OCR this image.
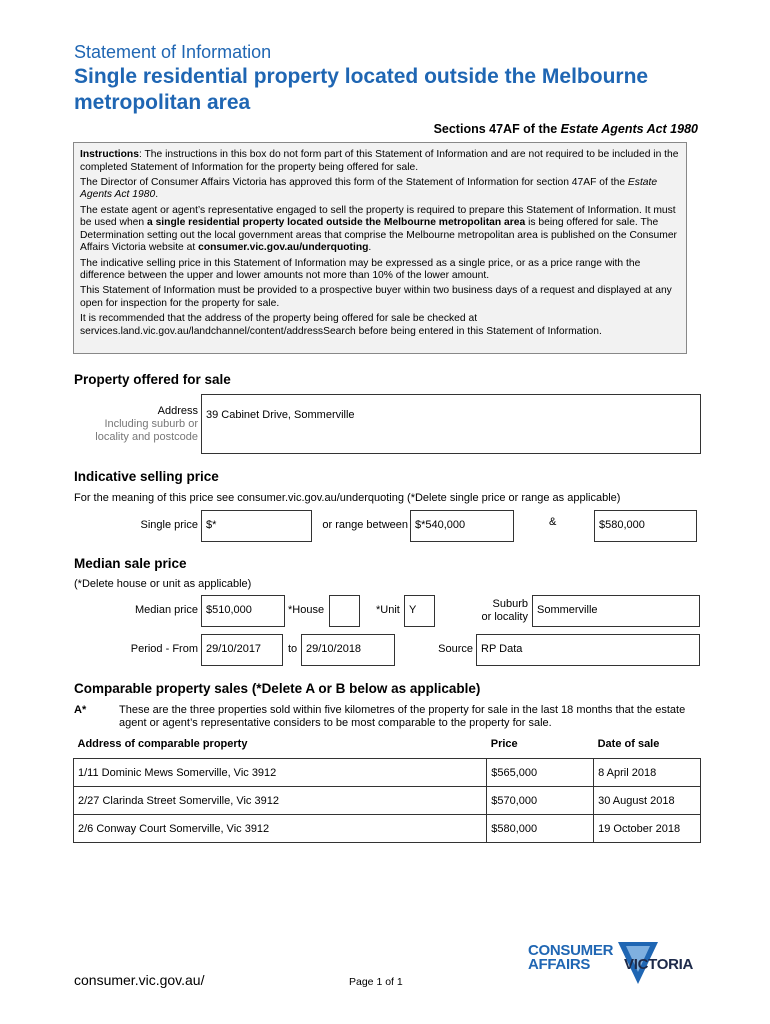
Statement of Information
Single residential property located outside the Melbourne metropolitan area
Sections 47AF of the Estate Agents Act 1980

Instructions: The instructions in this box do not form part of this Statement of Information and are not required to be included in the completed Statement of Information for the property being offered for sale.

The Director of Consumer Affairs Victoria has approved this form of the Statement of Information for section 47AF of the Estate Agents Act 1980.

The estate agent or agent’s representative engaged to sell the property is required to prepare this Statement of Information. It must be used when a single residential property located outside the Melbourne metropolitan area is being offered for sale. The Determination setting out the local government areas that comprise the Melbourne metropolitan area is published on the Consumer Affairs Victoria website at consumer.vic.gov.au/underquoting.

The indicative selling price in this Statement of Information may be expressed as a single price, or as a price range with the difference between the upper and lower amounts not more than 10% of the lower amount.

This Statement of Information must be provided to a prospective buyer within two business days of a request and displayed at any open for inspection for the property for sale.

It is recommended that the address of the property being offered for sale be checked at services.land.vic.gov.au/landchannel/content/addressSearch before being entered in this Statement of Information.

Property offered for sale
Address
Including suburb or locality and postcode
39 Cabinet Drive, Sommerville
Indicative selling price
For the meaning of this price see consumer.vic.gov.au/underquoting (*Delete single price or range as applicable)
Single price $*	or range between $*540,000	&	$580,000
Median sale price
(*Delete house or unit as applicable)
Median price $510,000	*House	*Unit Y	Suburb
or locality
Sommerville
Period - From 29/10/2017	to 29/10/2018	Source RP Data
Comparable property sales (*Delete A or B below as applicable)
A*	These are the three properties sold within five kilometres of the property for sale in the last 18 months that the estate agent or agent’s representative considers to be most comparable to the property for sale.
Address of comparable property	Price	Date of sale
1/11 Dominic Mews Somerville, Vic 3912	$565,000	8 April 2018
2/27 Clarinda Street Somerville, Vic 3912	$570,000	30 August 2018
2/6 Conway Court Somerville, Vic 3912	$580,000	19 October 2018
consumer.vic.gov.au/	Page 1 of 1
CONSUMER
AFFAIRS VICTORIA
